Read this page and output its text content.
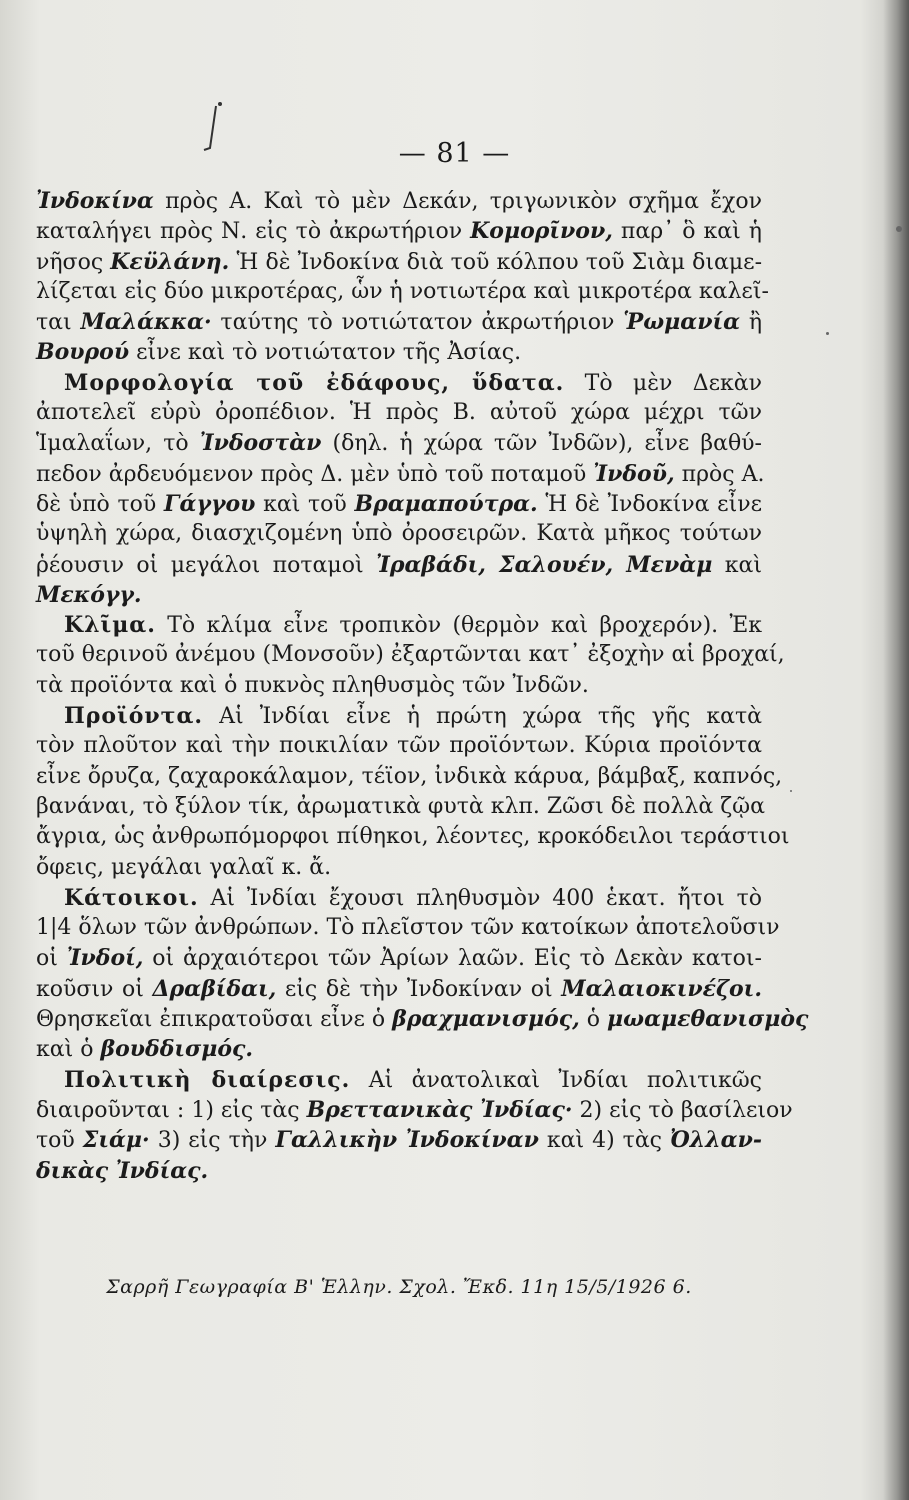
— 81 —
Ἰνδοκίνα πρὸς Α. Καὶ τὸ μὲν Δεκάν, τριγωνικὸν σχῆμα ἔχον
καταλήγει πρὸς Ν. εἰς τὸ ἀκρωτήριον Κομορῖνον, παρ᾿ ὃ καὶ ἡ
νῆσος Κεϋλάνη. Ἡ δὲ Ἰνδοκίνα διὰ τοῦ κόλπου τοῦ Σιὰμ διαμε-
λίζεται εἰς δύο μικροτέρας, ὧν ἡ νοτιωτέρα καὶ μικροτέρα καλεῖ-
ται Μαλάκκα· ταύτης τὸ νοτιώτατον ἀκρωτήριον Ῥωμανία ἢ
Βουρού εἶνε καὶ τὸ νοτιώτατον τῆς Ἀσίας.
Μορφολογία τοῦ ἐδάφους, ὕδατα. Τὸ μὲν Δεκὰν
ἀποτελεῖ εὐρὺ ὀροπέδιον. Ἡ πρὸς Β. αὐτοῦ χώρα μέχρι τῶν
Ἱμαλαΐων, τὸ Ἰνδοστὰν (δηλ. ἡ χώρα τῶν Ἰνδῶν), εἶνε βαθύ-
πεδον ἀρδευόμενον πρὸς Δ. μὲν ὑπὸ τοῦ ποταμοῦ Ἰνδοῦ, πρὸς Α.
δὲ ὑπὸ τοῦ Γάγγου καὶ τοῦ Βραμαπούτρα. Ἡ δὲ Ἰνδοκίνα εἶνε
ὑψηλὴ χώρα, διασχιζομένη ὑπὸ ὀροσειρῶν. Κατὰ μῆκος τούτων
ῥέουσιν οἱ μεγάλοι ποταμοὶ Ἰραβάδι, Σαλουέν, Μενὰμ καὶ
Μεκόγγ.
Κλῖμα. Τὸ κλίμα εἶνε τροπικὸν (θερμὸν καὶ βροχερόν). Ἐκ
τοῦ θερινοῦ ἀνέμου (Μονσοῦν) ἐξαρτῶνται κατ᾿ ἐξοχὴν αἱ βροχαί,
τὰ προϊόντα καὶ ὁ πυκνὸς πληθυσμὸς τῶν Ἰνδῶν.
Προϊόντα. Αἱ Ἰνδίαι εἶνε ἡ πρώτη χώρα τῆς γῆς κατὰ
τὸν πλοῦτον καὶ τὴν ποικιλίαν τῶν προϊόντων. Κύρια προϊόντα
εἶνε ὄρυζα, ζαχαροκάλαμον, τέϊον, ἰνδικὰ κάρυα, βάμβαξ, καπνός,
βανάναι, τὸ ξύλον τίκ, ἀρωματικὰ φυτὰ κλπ. Ζῶσι δὲ πολλὰ ζῷα
ἄγρια, ὡς ἀνθρωπόμορφοι πίθηκοι, λέοντες, κροκόδειλοι τεράστιοι
ὄφεις, μεγάλαι γαλαῖ κ. ἄ.
Κάτοικοι. Αἱ Ἰνδίαι ἔχουσι πληθυσμὸν 400 ἑκατ. ἤτοι τὸ
1|4 ὅλων τῶν ἀνθρώπων. Τὸ πλεῖστον τῶν κατοίκων ἀποτελοῦσιν
οἱ Ἰνδοί, οἱ ἀρχαιότεροι τῶν Ἀρίων λαῶν. Εἰς τὸ Δεκὰν κατοι-
κοῦσιν οἱ Δραβίδαι, εἰς δὲ τὴν Ἰνδοκίναν οἱ Μαλαιοκινέζοι.
Θρησκεῖαι ἐπικρατοῦσαι εἶνε ὁ βραχμανισμός, ὁ μωαμεθανισμὸς
καὶ ὁ βουδδισμός.
Πολιτικὴ διαίρεσις. Αἱ ἀνατολικαὶ Ἰνδίαι πολιτικῶς
διαιροῦνται : 1) εἰς τὰς Βρεττανικὰς Ἰνδίας· 2) εἰς τὸ βασίλειον
τοῦ Σιάμ· 3) εἰς τὴν Γαλλικὴν Ἰνδοκίναν καὶ 4) τὰς Ὀλλαν-
δικὰς Ἰνδίας.
Σαρρῆ Γεωγραφία Β' Ἑλλην. Σχολ. Ἔκδ. 11η 15/5/1926 6.
